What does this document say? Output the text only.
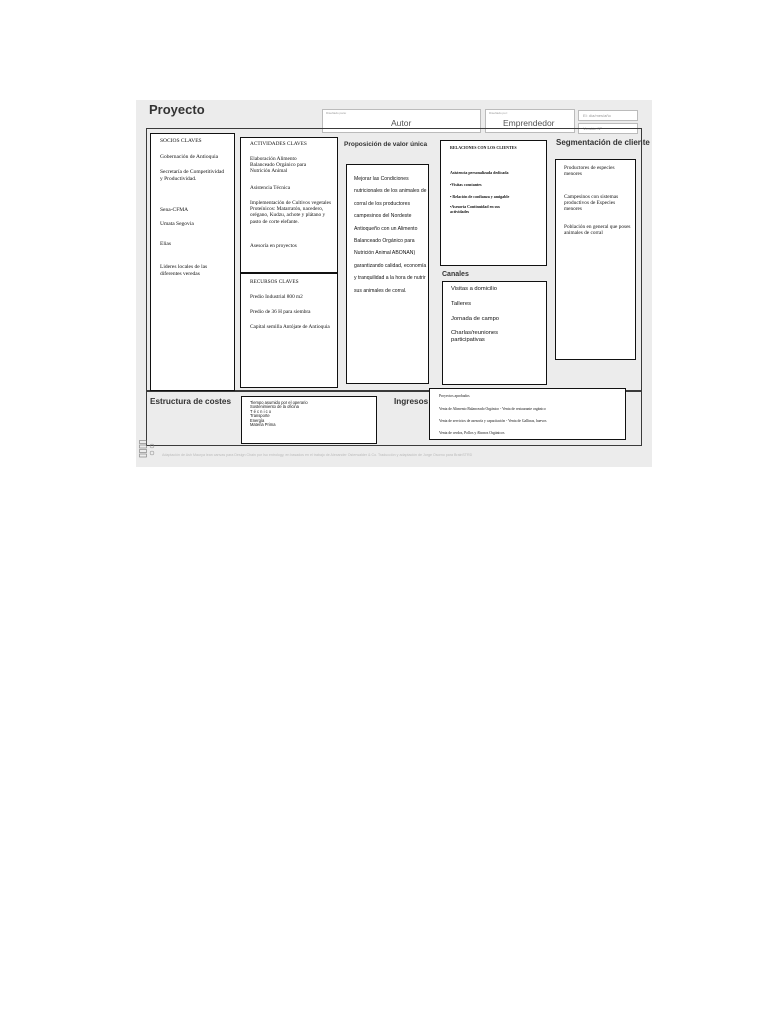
Proyecto	Diseñado para:
Autor
Diseñado por:
Emprendedor
El: día/mes/año
Versión Nº
SOCIOS CLAVES
Gobernación de Antioquia
Secretaría de Competitividad y Productividad.
Sena-CFMA
Umata Segovia
Elias
Lideres locales de las diferentes veredas
ACTIVIDADES CLAVES
Elaboración Alimento Balanceado Orgánico para Nutrición Animal
Asistencia Técnica
Implementación de Cultivos vegetales Proteínicos: Matarratón, nacedero, orégano, Kudzu, achote y plátano y pasto de corte elefante.
Asesoría en proyectos
RECURSOS CLAVES
Predio Industrial 800 m2
Predio de 36 H para siembra
Capital semilla Antójate de Antioquia
Proposición de valor única
Mejorar las Condiciones nutricionales de los animales de corral de los productores campesinos del Nordeste Antioqueño con un Alimento Balanceado Orgánico para Nutrición Animal ABONAN) garantizando calidad, economía y tranquilidad a la hora de nutrir sus animales de corral.
RELACIONES CON LOS CLIENTES
Asistencia personalizada dedicada
•Visitas constantes
• Relación de confianza y amigable
•Asesoría Continuidad en sus actividades
Canales
Visitas a domicilio
Talleres
Jornada de campo
Charlas/reuniones participativas
Segmentación de cliente
Productores de especies menores
Campesinos con sistemas productivos de Especies menores
Población en general que poses animales de corral
Estructura de costes	Tiempo asumido por el operario
Sostenimiento de la oficina
T é c n i c o
Transporte
Energía
Materia Prima
Ingresos
Proyectos aprobados
Venta de Alimento Balanceado Orgánico - Venta de restaurante orgánico
Venta de servicios de asesoría y capacitación - Venta de Gallinas, huevos
Venta de cerdos, Pollos y Abonos Orgánicos
Adaptación de Ash Maurya lean canvas para Design Chain por Iso entrology, en basados en el trabajo de Alexander Osterwalder & Co. Traducción y adaptación de Jorge Osorno para BrainSTRD
